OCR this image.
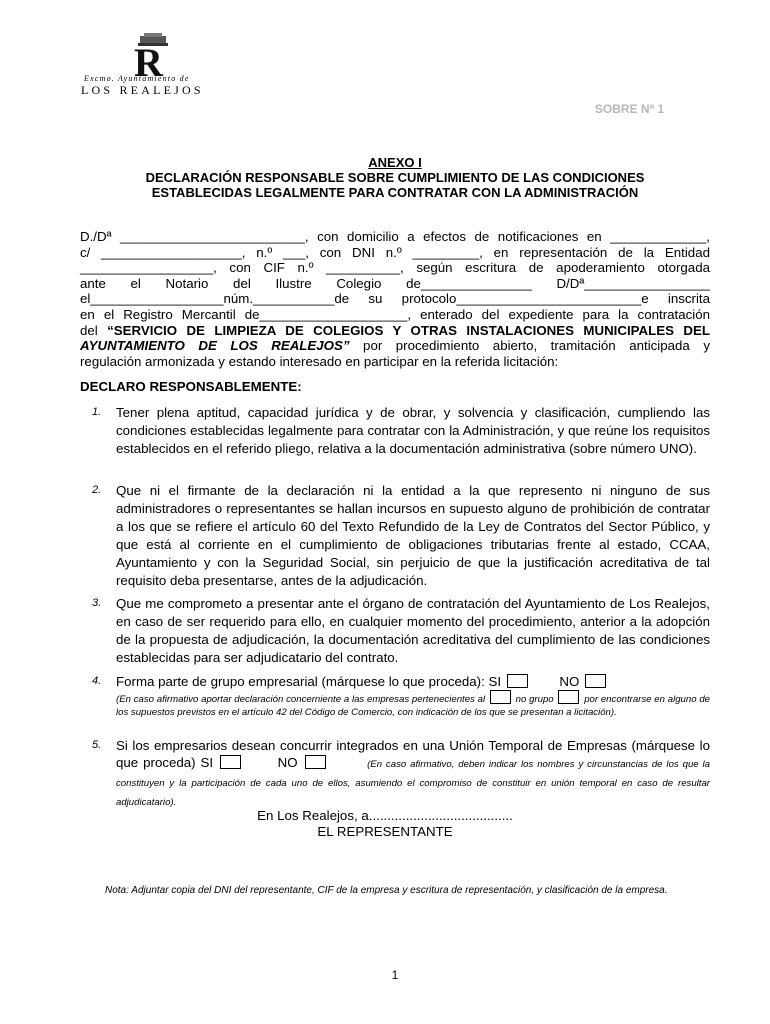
R
Excmo. Ayuntamiento de
LOS REALEJOS
SOBRE Nº 1
ANEXO I
DECLARACIÓN RESPONSABLE SOBRE CUMPLIMIENTO DE LAS CONDICIONES
ESTABLECIDAS LEGALMENTE PARA CONTRATAR CON LA ADMINISTRACIÓN

D./Dª _________________________, con domicilio a efectos de notificaciones en _____________,

c/ ___________________, n.º ___, con DNI n.º _________, en representación de la Entidad

__________________, con CIF n.º __________, según escritura de apoderamiento otorgada

ante el Notario del Ilustre Colegio de_______________ D/Dª_________________

el__________________núm.___________de su protocolo_________________________e inscrita

en el Registro Mercantil de____________________, enterado del expediente para la contratación

del “SERVICIO DE LIMPIEZA DE COLEGIOS Y OTRAS INSTALACIONES MUNICIPALES DEL

AYUNTAMIENTO DE LOS REALEJOS” por procedimiento abierto, tramitación anticipada y

regulación armonizada y estando interesado en participar en la referida licitación:

DECLARO RESPONSABLEMENTE:
1. Tener plena aptitud, capacidad jurídica y de obrar, y solvencia y clasificación, cumpliendo las condiciones establecidas legalmente para contratar con la Administración, y que reúne los requisitos establecidos en el referido pliego, relativa a la documentación administrativa (sobre número UNO).
2. Que ni el firmante de la declaración ni la entidad a la que represento ni ninguno de sus administradores o representantes se hallan incursos en supuesto alguno de prohibición de contratar a los que se refiere el artículo 60 del Texto Refundido de la Ley de Contratos del Sector Público, y que está al corriente en el cumplimiento de obligaciones tributarias frente al estado, CCAA, Ayuntamiento y con la Seguridad Social, sin perjuicio de que la justificación acreditativa de tal requisito deba presentarse, antes de la adjudicación.
3. Que me comprometo a presentar ante el órgano de contratación del Ayuntamiento de Los Realejos, en caso de ser requerido para ello, en cualquier momento del procedimiento, anterior a la adopción de la propuesta de adjudicación, la documentación acreditativa del cumplimiento de las condiciones establecidas para ser adjudicatario del contrato.
4. Forma parte de grupo empresarial (márquese lo que proceda): SI	NO
(En caso afirmativo aportar declaración concerniente a las empresas pertenecientes al	no grupo	por encontrarse en alguno de los supuestos previstos en el artículo 42 del Código de Comercio, con indicación de los que se presentan a licitación).
5. Si los empresarios desean concurrir integrados en una Unión Temporal de Empresas (márquese lo que proceda) SI	NO	(En caso afirmativo, deben indicar los nombres y circunstancias de los que la constituyen y la participación de cada uno de ellos, asumiendo el compromiso de constituir en unión temporal en caso de resultar adjudicatario).
En Los Realejos, a.......................................
EL REPRESENTANTE
Nota: Adjuntar copia del DNI del representante, CIF de la empresa y escritura de representación, y clasificación de la empresa.
1
